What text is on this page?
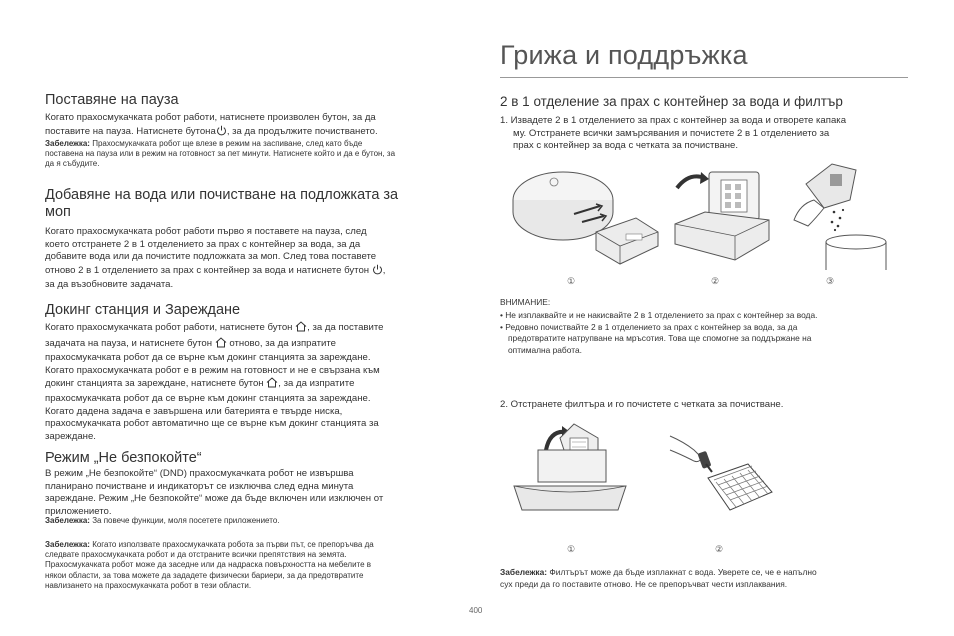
Грижа и поддръжка
Поставяне на пауза
Когато прахосмукачката робот работи, натиснете произволен бутон, за да
поставите на пауза. Натиснете бутона , за да продължите почистването.
Забележка: Прахосмукачката робот ще влезе в режим на заспиване, след като бъде
поставена на пауза или в режим на готовност за пет минути. Натиснете който и да е бутон, за
да я събудите.
Добавяне на вода или почистване на подложката за
моп
Когато прахосмукачката робот работи първо я поставете на пауза, след
което отстранете 2 в 1 отделението за прах с контейнер за вода, за да
добавите вода или да почистите подложката за моп. След това поставете
отново 2 в 1 отделението за прах с контейнер за вода и натиснете бутон ,
за да възобновите задачата.
Докинг станция и Зареждане
Когато прахосмукачката робот работи, натиснете бутон , за да поставите
задачата на пауза, и натиснете бутон  отново, за да изпратите
прахосмукачката робот да се върне към докинг станцията за зареждане.
Когато прахосмукачката робот е в режим на готовност и не е свързана към
докинг станцията за зареждане, натиснете бутон , за да изпратите
прахосмукачката робот да се върне към докинг станцията за зареждане.
Когато дадена задача е завършена или батерията е твърде ниска,
прахосмукачката робот автоматично ще се върне към докинг станцията за
зареждане.
Режим „Не безпокойте“
В режим „Не безпокойте“ (DND) прахосмукачката робот не извършва
планирано почистване и индикаторът се изключва след една минута
зареждане. Режим „Не безпокойте“ може да бъде включен или изключен от
приложението.
Забележка: За повече функции, моля посетете приложението.
Забележка: Когато използвате прахосмукачката робота за първи път, се препоръчва да
следвате прахосмукачката робот и да отстраните всички препятствия на земята.
Прахосмукачката робот може да заседне или да надраска повърхността на мебелите в
някои области, за това можете да зададете физически бариери, за да предотвратите
навлизането на прахосмукачката робот в тези области.
2 в 1 отделение за прах с контейнер за вода и филтър
1. Извадете 2 в 1 отделението за прах с контейнер за вода и отворете капака
му. Отстранете всички замърсявания и почистете 2 в 1 отделението за
прах с контейнер за вода с четката за почистване.
①	②	③
ВНИМАНИЕ:
• Не изплаквайте и не накисвайте 2 в 1 отделението за прах с контейнер за вода.
• Редовно почиствайте 2 в 1 отделението за прах с контейнер за вода, за да
предотвратите натрупване на мръсотия. Това ще спомогне за поддържане на
оптимална работа.
2. Отстранете филтъра и го почистете с четката за почистване.
①	②
Забележка: Филтърът може да бъде изплакнат с вода. Уверете се, че е напълно
сух преди да го поставите отново. Не се препоръчват чести изплаквания.
400
